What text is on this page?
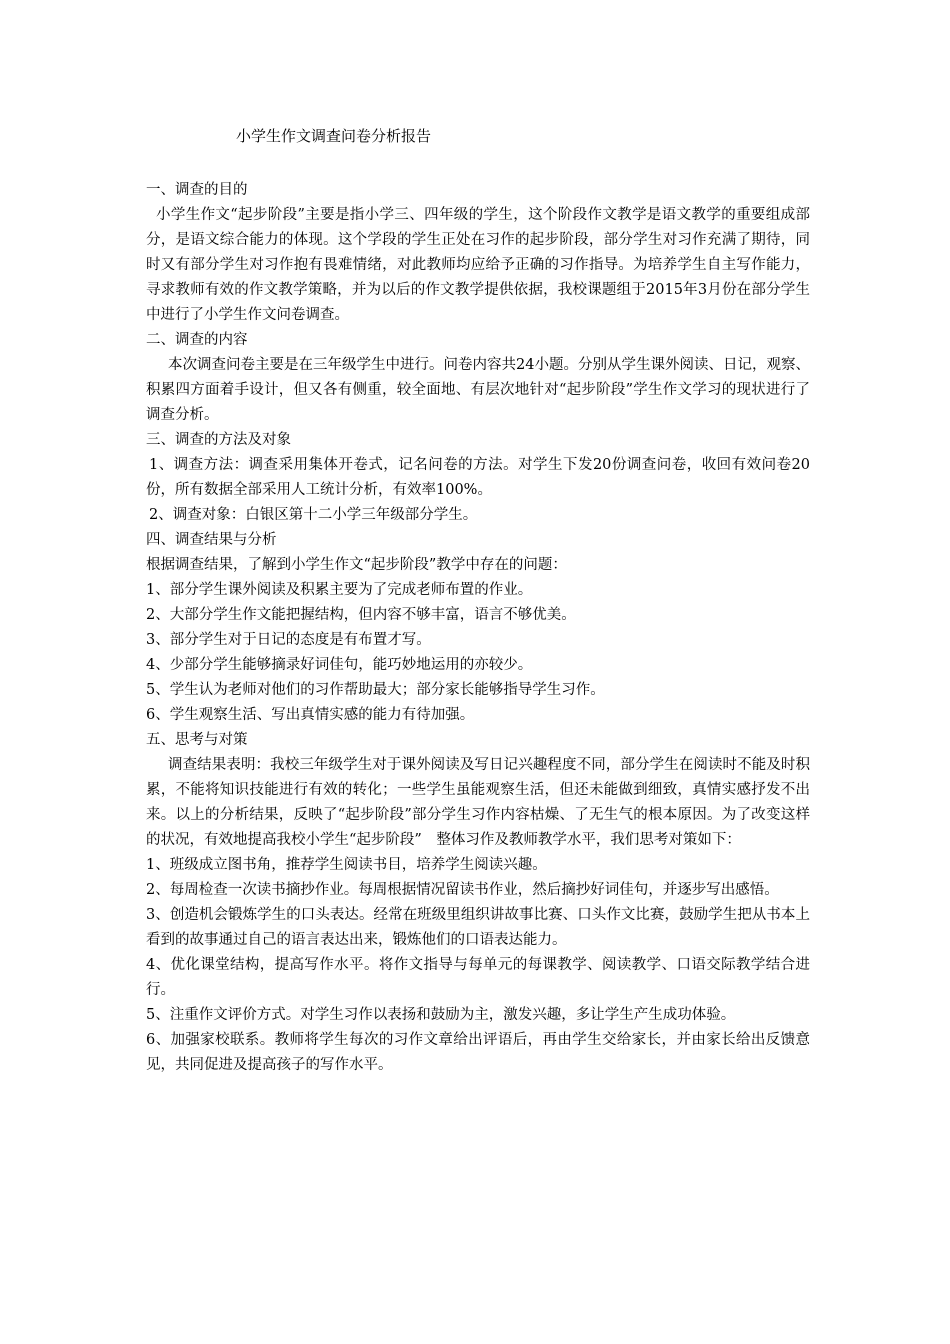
小学生作文调查问卷分析报告

一、调查的目的

小学生作文“起步阶段”主要是指小学三、四年级的学生，这个阶段作文教学是语文教学的重要组成部分，是语文综合能力的体现。这个学段的学生正处在习作的起步阶段，部分学生对习作充满了期待，同时又有部分学生对习作抱有畏难情绪，对此教师均应给予正确的习作指导。为培养学生自主写作能力，寻求教师有效的作文教学策略，并为以后的作文教学提供依据，我校课题组于2015年3月份在部分学生中进行了小学生作文问卷调查。

二、调查的内容

本次调查问卷主要是在三年级学生中进行。问卷内容共24小题。分别从学生课外阅读、日记，观察、积累四方面着手设计，但又各有侧重，较全面地、有层次地针对“起步阶段”学生作文学习的现状进行了调查分析。

三、调查的方法及对象

1、调查方法：调查采用集体开卷式，记名问卷的方法。对学生下发20份调查问卷，收回有效问卷20份，所有数据全部采用人工统计分析，有效率100%。

2、调查对象：白银区第十二小学三年级部分学生。

四、调查结果与分析

根据调查结果，了解到小学生作文“起步阶段”教学中存在的问题：

1、部分学生课外阅读及积累主要为了完成老师布置的作业。

2、大部分学生作文能把握结构，但内容不够丰富，语言不够优美。

3、部分学生对于日记的态度是有布置才写。

4、少部分学生能够摘录好词佳句，能巧妙地运用的亦较少。

5、学生认为老师对他们的习作帮助最大；部分家长能够指导学生习作。

6、学生观察生活、写出真情实感的能力有待加强。

五、思考与对策

调查结果表明：我校三年级学生对于课外阅读及写日记兴趣程度不同，部分学生在阅读时不能及时积累，不能将知识技能进行有效的转化；一些学生虽能观察生活，但还未能做到细致，真情实感抒发不出来。以上的分析结果，反映了“起步阶段”部分学生习作内容枯燥、了无生气的根本原因。为了改变这样的状况，有效地提高我校小学生“起步阶段”　整体习作及教师教学水平，我们思考对策如下：

1、班级成立图书角，推荐学生阅读书目，培养学生阅读兴趣。

2、每周检查一次读书摘抄作业。每周根据情况留读书作业，然后摘抄好词佳句，并逐步写出感悟。

3、创造机会锻炼学生的口头表达。经常在班级里组织讲故事比赛、口头作文比赛，鼓励学生把从书本上看到的故事通过自己的语言表达出来，锻炼他们的口语表达能力。

4、优化课堂结构，提高写作水平。将作文指导与每单元的每课教学、阅读教学、口语交际教学结合进行。

5、注重作文评价方式。对学生习作以表扬和鼓励为主，激发兴趣，多让学生产生成功体验。

6、加强家校联系。教师将学生每次的习作文章给出评语后，再由学生交给家长，并由家长给出反馈意见，共同促进及提高孩子的写作水平。
